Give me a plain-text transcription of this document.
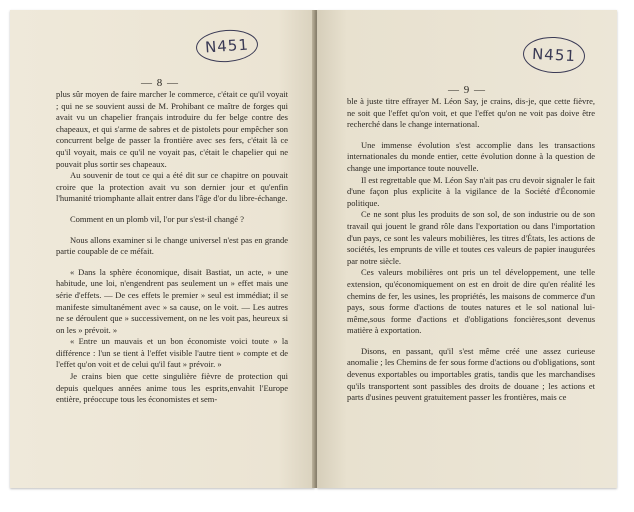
N451
— 8 —

plus sûr moyen de faire marcher le commerce, c'était ce qu'il voyait ; qui ne se souvient aussi de M. Prohibant ce maître de forges qui avait vu un chapelier français introduire du fer belge contre des chapeaux, et qui s'arme de sabres et de pistolets pour empêcher son concurrent belge de passer la frontière avec ses fers, c'était là ce qu'il voyait, mais ce qu'il ne voyait pas, c'était le chapelier qui ne pouvait plus sortir ses chapeaux.

Au souvenir de tout ce qui a été dit sur ce chapitre on pouvait croire que la protection avait vu son dernier jour et qu'enfin l'humanité triomphante allait entrer dans l'âge d'or du libre-échange.

Comment en un plomb vil, l'or pur s'est-il changé ?

Nous allons examiner si le change universel n'est pas en grande partie coupable de ce méfait.

« Dans la sphère économique, disait Bastiat, un acte, » une habitude, une loi, n'engendrent pas seulement un » effet mais une série d'effets. — De ces effets le premier » seul est immédiat; il se manifeste simultanément avec » sa cause, on le voit. — Les autres ne se déroulent que » successivement, on ne les voit pas, heureux si on les » prévoit. »

« Entre un mauvais et un bon économiste voici toute » la différence : l'un se tient à l'effet visible l'autre tient » compte et de l'effet qu'on voit et de celui qu'il faut » prévoir. »

Je crains bien que cette singulière fièvre de protection qui depuis quelques années anime tous les esprits,envahit l'Europe entière, préoccupe tous les économistes et sem-

N451
— 9 —

ble à juste titre effrayer M. Léon Say, je crains, dis-je, que cette fièvre, ne soit que l'effet qu'on voit, et que l'effet qu'on ne voit pas doive être recherché dans le change international.

Une immense évolution s'est accomplie dans les transactions internationales du monde entier, cette évolution donne à la question de change une importance toute nouvelle.

Il est regrettable que M. Léon Say n'ait pas cru devoir signaler le fait d'une façon plus explicite à la vigilance de la Société d'Économie politique.

Ce ne sont plus les produits de son sol, de son industrie ou de son travail qui jouent le grand rôle dans l'exportation ou dans l'importation d'un pays, ce sont les valeurs mobilières, les titres d'États, les actions de sociétés, les emprunts de ville et toutes ces valeurs de papier inaugurées par notre siècle.

Ces valeurs mobilières ont pris un tel développement, une telle extension, qu'économiquement on est en droit de dire qu'en réalité les chemins de fer, les usines, les propriétés, les maisons de commerce d'un pays, sous forme d'actions de toutes natures et le sol national lui-même,sous forme d'actions et d'obligations foncières,sont devenus matière à exportation.

Disons, en passant, qu'il s'est même créé une assez curieuse anomalie ; les Chemins de fer sous forme d'actions ou d'obligations, sont devenus exportables ou importables gratis, tandis que les marchandises qu'ils transportent sont passibles des droits de douane ; les actions et parts d'usines peuvent gratuitement passer les frontières, mais ce
